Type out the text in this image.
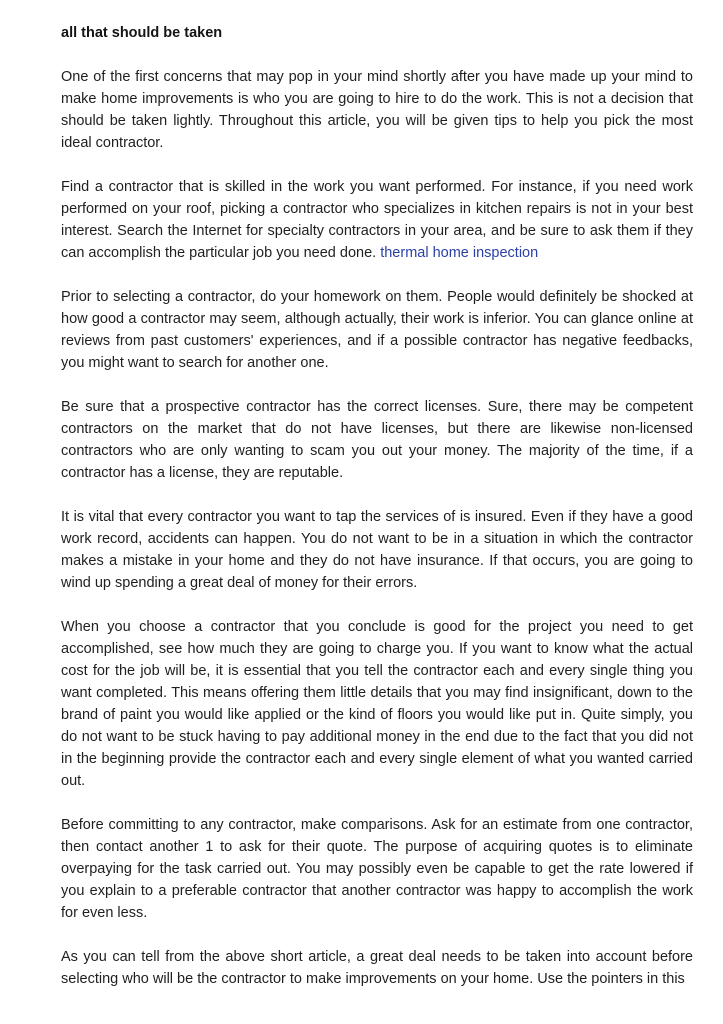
all that should be taken

One of the first concerns that may pop in your mind shortly after you have made up your mind to make home improvements is who you are going to hire to do the work. This is not a decision that should be taken lightly. Throughout this article, you will be given tips to help you pick the most ideal contractor.

Find a contractor that is skilled in the work you want performed. For instance, if you need work performed on your roof, picking a contractor who specializes in kitchen repairs is not in your best interest. Search the Internet for specialty contractors in your area, and be sure to ask them if they can accomplish the particular job you need done. thermal home inspection

Prior to selecting a contractor, do your homework on them. People would definitely be shocked at how good a contractor may seem, although actually, their work is inferior. You can glance online at reviews from past customers' experiences, and if a possible contractor has negative feedbacks, you might want to search for another one.

Be sure that a prospective contractor has the correct licenses. Sure, there may be competent contractors on the market that do not have licenses, but there are likewise non-licensed contractors who are only wanting to scam you out your money. The majority of the time, if a contractor has a license, they are reputable.

It is vital that every contractor you want to tap the services of is insured. Even if they have a good work record, accidents can happen. You do not want to be in a situation in which the contractor makes a mistake in your home and they do not have insurance. If that occurs, you are going to wind up spending a great deal of money for their errors.

When you choose a contractor that you conclude is good for the project you need to get accomplished, see how much they are going to charge you. If you want to know what the actual cost for the job will be, it is essential that you tell the contractor each and every single thing you want completed. This means offering them little details that you may find insignificant, down to the brand of paint you would like applied or the kind of floors you would like put in. Quite simply, you do not want to be stuck having to pay additional money in the end due to the fact that you did not in the beginning provide the contractor each and every single element of what you wanted carried out.

Before committing to any contractor, make comparisons. Ask for an estimate from one contractor, then contact another 1 to ask for their quote. The purpose of acquiring quotes is to eliminate overpaying for the task carried out. You may possibly even be capable to get the rate lowered if you explain to a preferable contractor that another contractor was happy to accomplish the work for even less.

As you can tell from the above short article, a great deal needs to be taken into account before selecting who will be the contractor to make improvements on your home. Use the pointers in this
